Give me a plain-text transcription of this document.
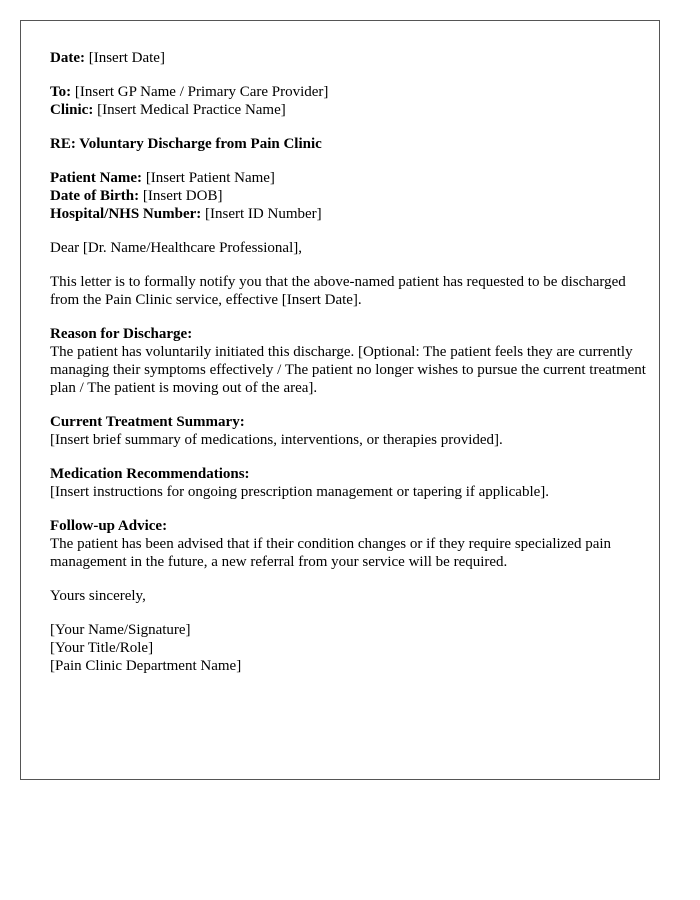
Date: [Insert Date]
To: [Insert GP Name / Primary Care Provider]
Clinic: [Insert Medical Practice Name]
RE: Voluntary Discharge from Pain Clinic
Patient Name: [Insert Patient Name]
Date of Birth: [Insert DOB]
Hospital/NHS Number: [Insert ID Number]
Dear [Dr. Name/Healthcare Professional],
This letter is to formally notify you that the above-named patient has requested to be discharged from the Pain Clinic service, effective [Insert Date].
Reason for Discharge:
The patient has voluntarily initiated this discharge. [Optional: The patient feels they are currently managing their symptoms effectively / The patient no longer wishes to pursue the current treatment plan / The patient is moving out of the area].
Current Treatment Summary:
[Insert brief summary of medications, interventions, or therapies provided].
Medication Recommendations:
[Insert instructions for ongoing prescription management or tapering if applicable].
Follow-up Advice:
The patient has been advised that if their condition changes or if they require specialized pain management in the future, a new referral from your service will be required.
Yours sincerely,
[Your Name/Signature]
[Your Title/Role]
[Pain Clinic Department Name]
